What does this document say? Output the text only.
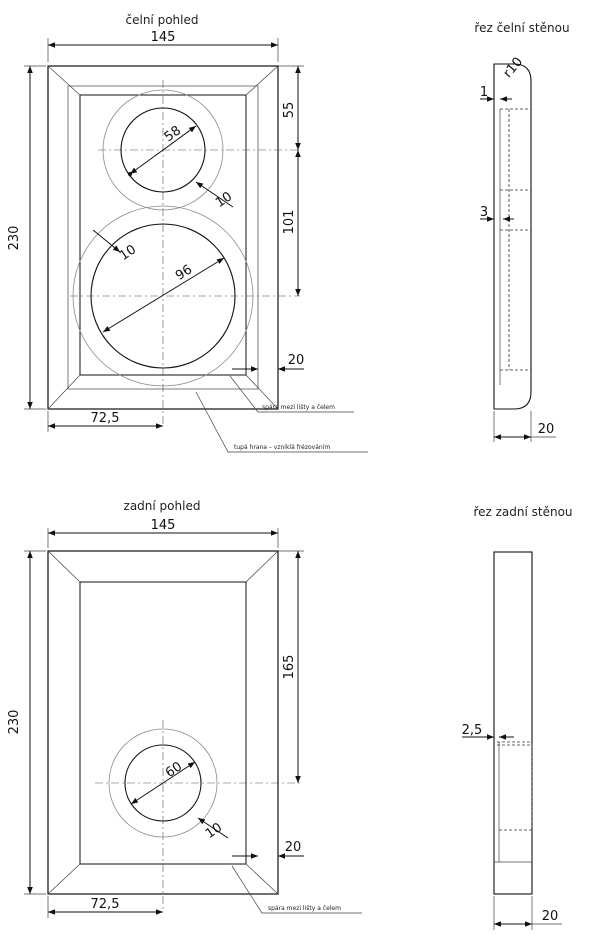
čelní pohled
58
10
96
10
145
230
55
101
20
72,5
spára mezi lišty a čelem
tupá hrana – vzniklá frézováním
řez čelní stěnou
r10
1
3
20
zadní pohled
60
10
145
230
165
20
72,5	spára mezi lišty a čelem
řez zadní stěnou
2,5
20
